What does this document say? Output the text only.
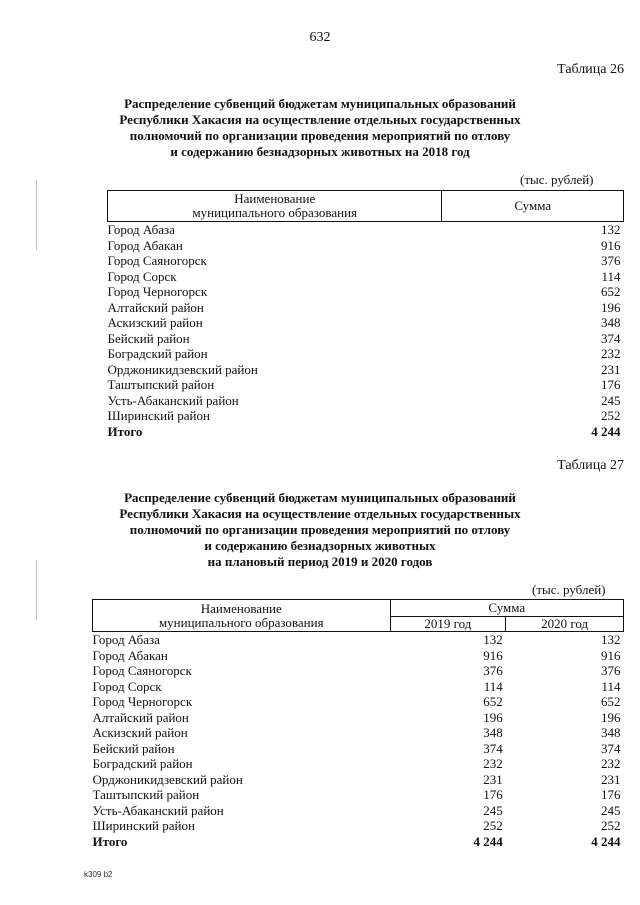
632
Таблица 26
Распределение субвенций бюджетам муниципальных образований
Республики Хакасия на осуществление отдельных государственных
полномочий по организации проведения мероприятий по отлову
и содержанию безнадзорных животных на 2018 год
(тыс. рублей)
Наименование
муниципального образования	Сумма
Город Абаза	132
Город Абакан	916
Город Саяногорск	376
Город Сорск	114
Город Черногорск	652
Алтайский район	196
Аскизский район	348
Бейский район	374
Боградский район	232
Орджоникидзевский район	231
Таштыпский район	176
Усть-Абаканский район	245
Ширинский район	252
Итого	4 244
Таблица 27
Распределение субвенций бюджетам муниципальных образований
Республики Хакасия на осуществление отдельных государственных
полномочий по организации проведения мероприятий по отлову
и содержанию безнадзорных животных
на плановый период 2019 и 2020 годов
(тыс. рублей)
Наименование
муниципального образования	Сумма	
	2019 год	2020 год
Город Абаза	132	132
Город Абакан	916	916
Город Саяногорск	376	376
Город Сорск	114	114
Город Черногорск	652	652
Алтайский район	196	196
Аскизский район	348	348
Бейский район	374	374
Боградский район	232	232
Орджоникидзевский район	231	231
Таштыпский район	176	176
Усть-Абаканский район	245	245
Ширинский район	252	252
Итого	4 244	4 244
k309 b2
